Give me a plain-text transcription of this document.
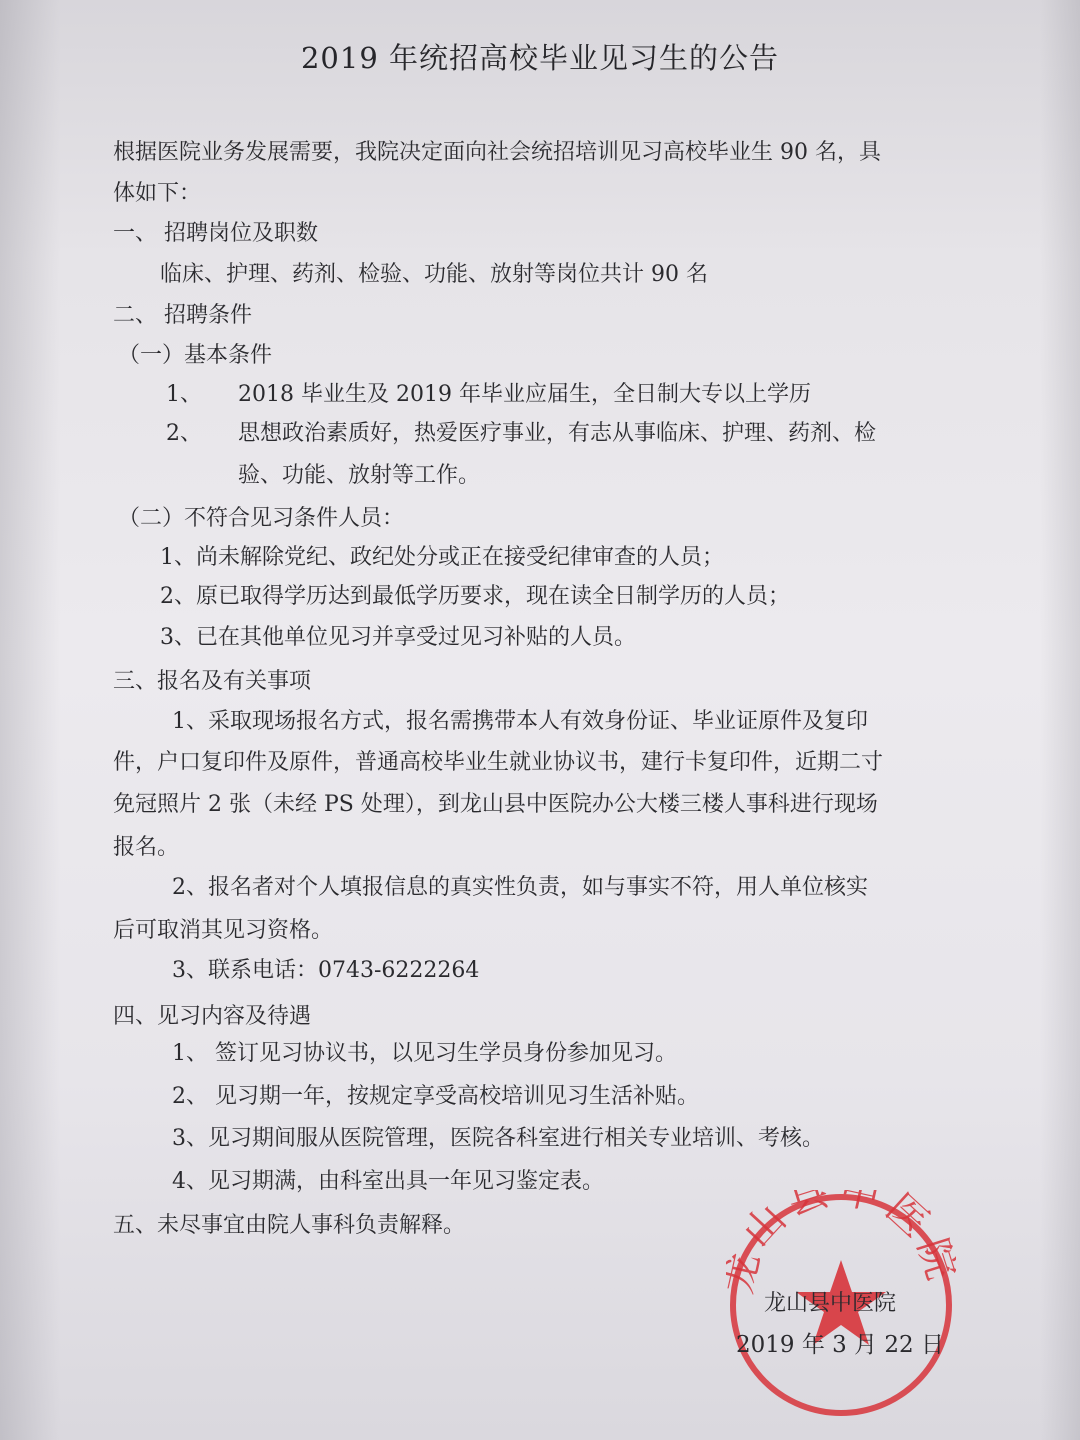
2019 年统招高校毕业见习生的公告
根据医院业务发展需要，我院决定面向社会统招培训见习高校毕业生 90 名，具
体如下：
一、 招聘岗位及职数
临床、护理、药剂、检验、功能、放射等岗位共计 90 名
二、 招聘条件
（一）基本条件
1、 2018 毕业生及 2019 年毕业应届生，全日制大专以上学历
2、 思想政治素质好，热爱医疗事业，有志从事临床、护理、药剂、检
验、功能、放射等工作。
（二）不符合见习条件人员：
1、尚未解除党纪、政纪处分或正在接受纪律审查的人员；
2、原已取得学历达到最低学历要求，现在读全日制学历的人员；
3、已在其他单位见习并享受过见习补贴的人员。
三、报名及有关事项
1、采取现场报名方式，报名需携带本人有效身份证、毕业证原件及复印
件，户口复印件及原件，普通高校毕业生就业协议书，建行卡复印件，近期二寸
免冠照片 2 张（未经 PS 处理），到龙山县中医院办公大楼三楼人事科进行现场
报名。
2、报名者对个人填报信息的真实性负责，如与事实不符，用人单位核实
后可取消其见习资格。
3、联系电话：0743-6222264
四、见习内容及待遇
1、 签订见习协议书，以见习生学员身份参加见习。
2、 见习期一年，按规定享受高校培训见习生活补贴。
3、见习期间服从医院管理，医院各科室进行相关专业培训、考核。
4、见习期满，由科室出具一年见习鉴定表。
五、未尽事宜由院人事科负责解释。	山县中医
龙山县中医院
2019 年 3 月 22 日
